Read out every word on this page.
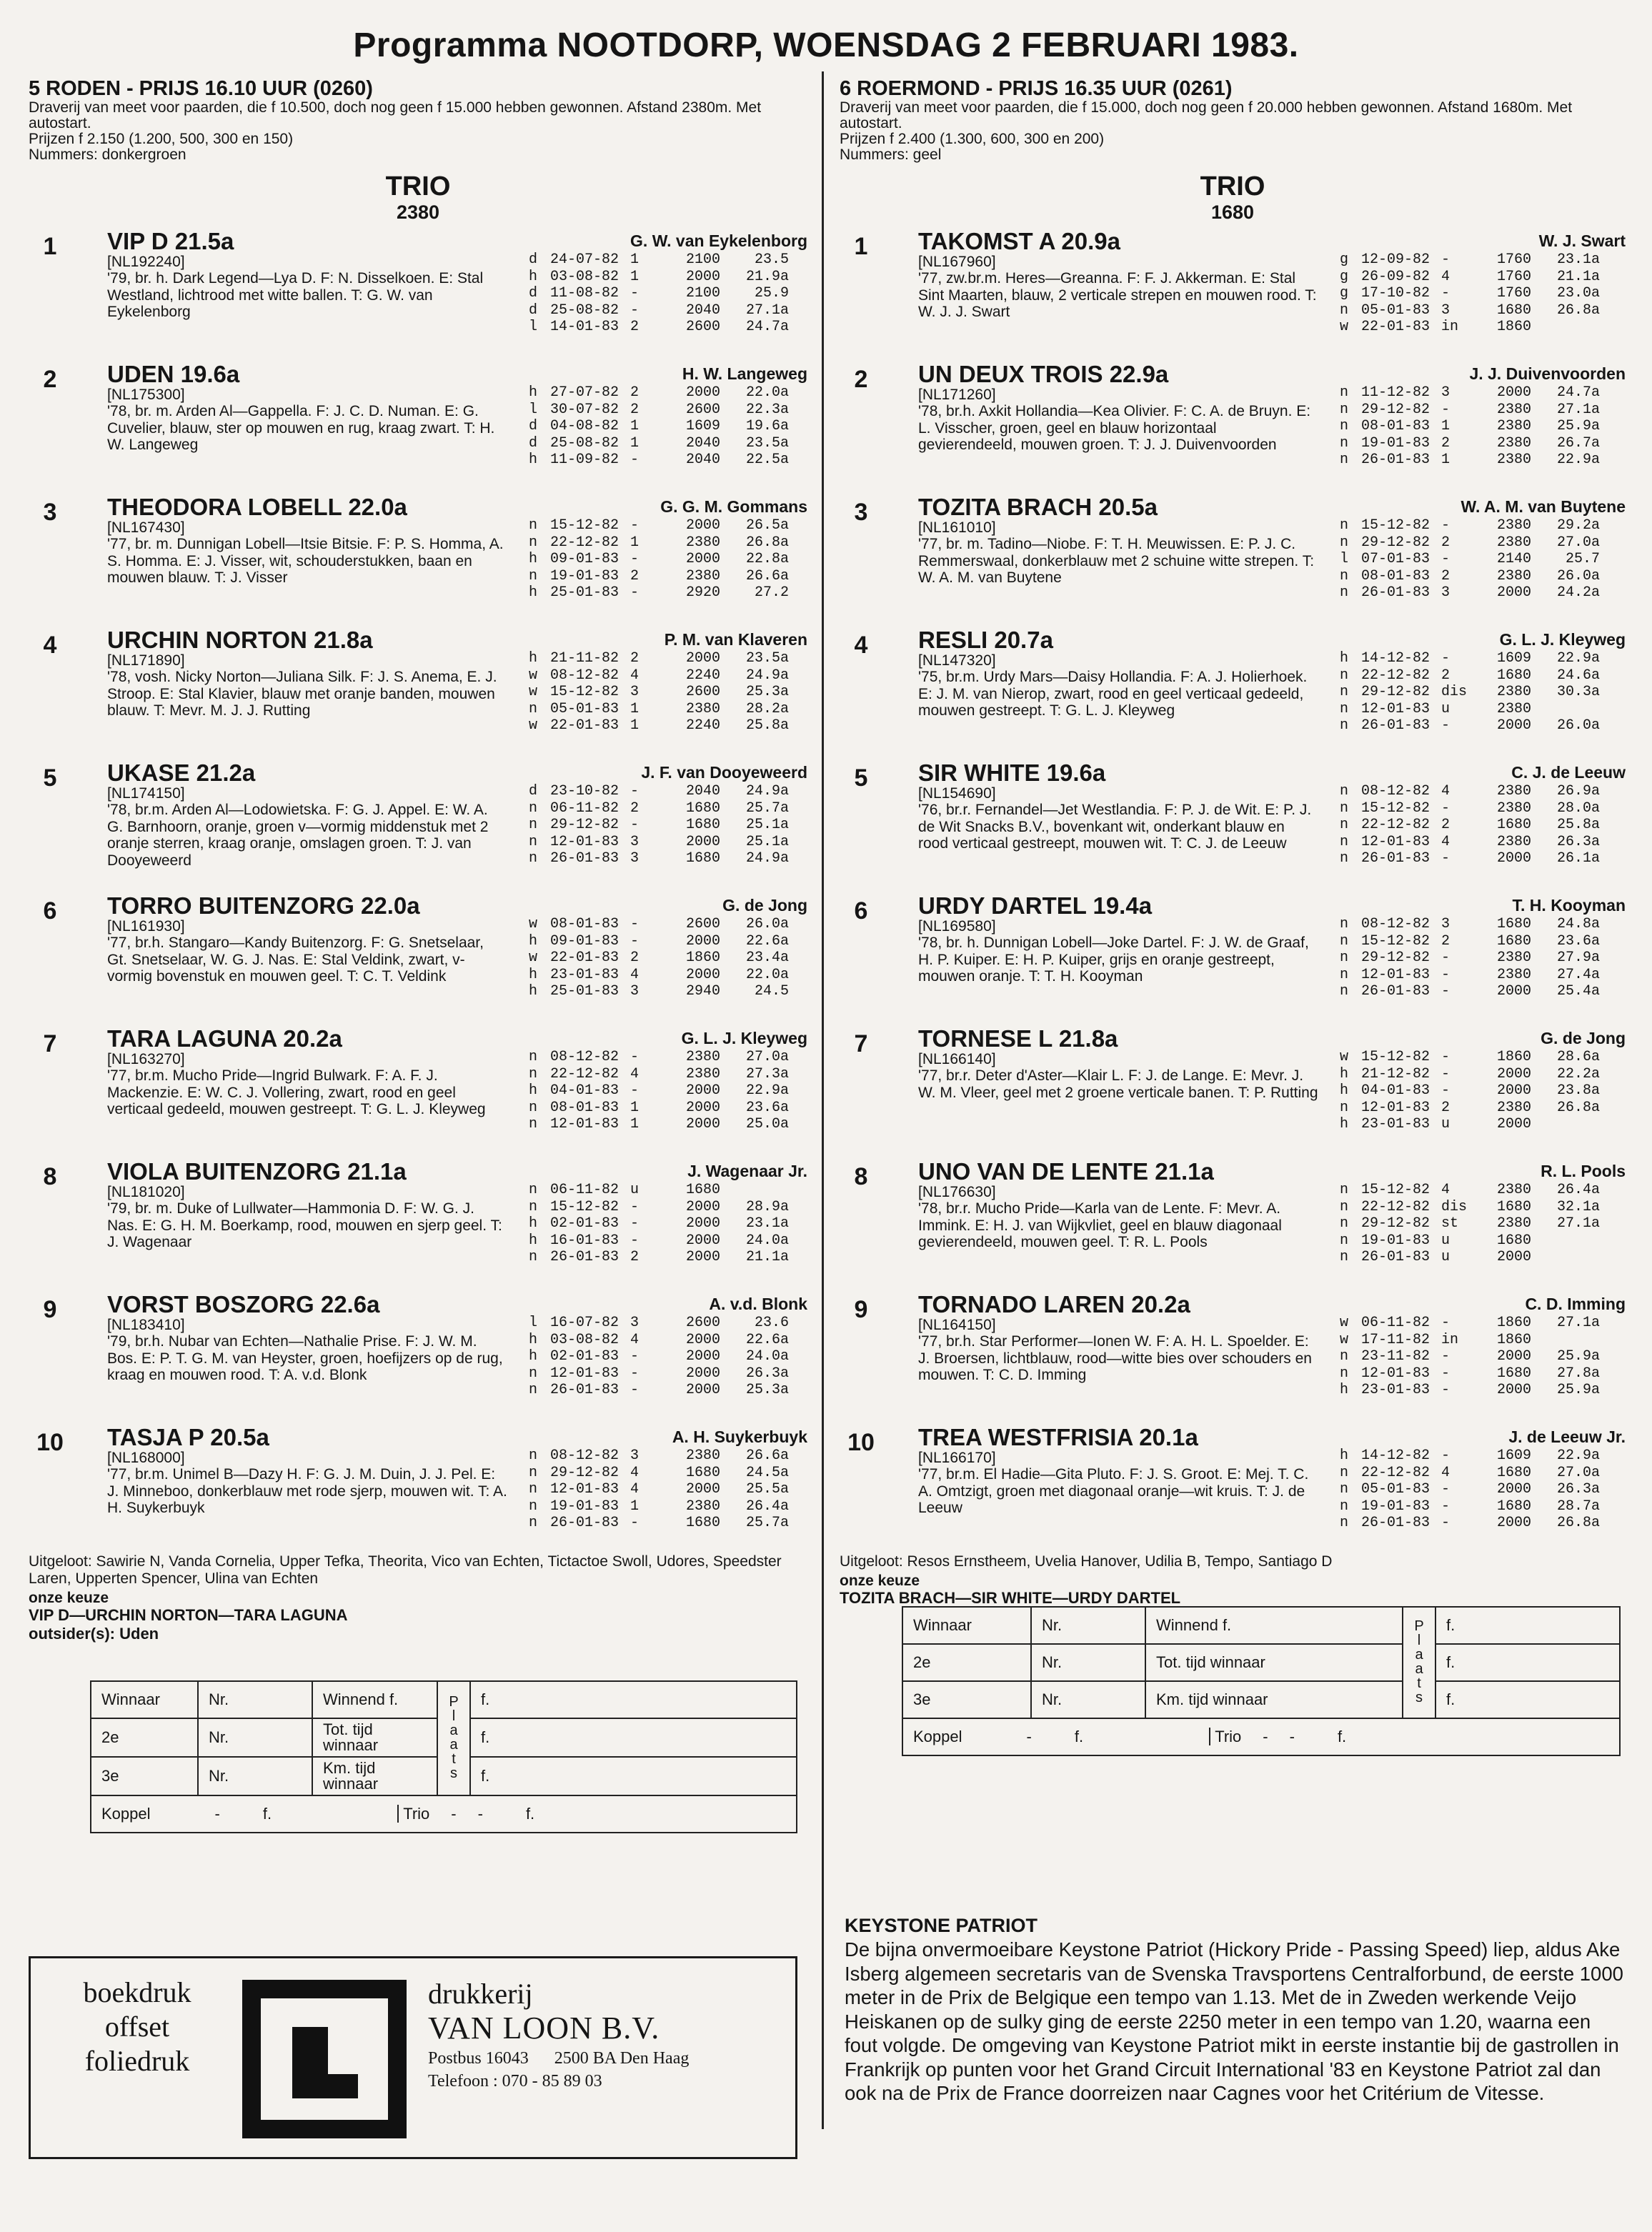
Programma NOOTDORP, WOENSDAG 2 FEBRUARI 1983.
5 RODEN - PRIJS 16.10 UUR (0260)
Draverij van meet voor paarden, die f 10.500, doch nog geen f 15.000 hebben gewonnen. Afstand 2380m. Met autostart.
Prijzen f 2.150 (1.200, 500, 300 en 150)
Nummers: donkergroen
TRIO
2380
1	VIP D 21.5a	G. W. van Eykelenborg
[NL192240]
'79, br. h. Dark Legend—Lya D. F: N. Disselkoen. E: Stal Westland, lichtrood met witte ballen. T: G. W. van Eykelenborg
d 24-07-82 1	2100	23.5
h 03-08-82 1	2000	21.9a
d 11-08-82 -	2100	25.9
d 25-08-82 -	2040	27.1a
l 14-01-83 2	2600	24.7a
2	UDEN 19.6a	H. W. Langeweg
[NL175300]
'78, br. m. Arden Al—Gappella. F: J. C. D. Numan. E: G. Cuvelier, blauw, ster op mouwen en rug, kraag zwart. T: H. W. Langeweg
h 27-07-82 2	2000	22.0a
l 30-07-82 2	2600	22.3a
d 04-08-82 1	1609	19.6a
d 25-08-82 1	2040	23.5a
h 11-09-82 -	2040	22.5a
3	THEODORA LOBELL 22.0a	G. G. M. Gommans
[NL167430]
'77, br. m. Dunnigan Lobell—Itsie Bitsie. F: P. S. Homma, A. S. Homma. E: J. Visser, wit, schouderstukken, baan en mouwen blauw. T: J. Visser
n 15-12-82 -	2000	26.5a
n 22-12-82 1	2380	26.8a
h 09-01-83 -	2000	22.8a
n 19-01-83 2	2380	26.6a
h 25-01-83 -	2920	27.2
4	URCHIN NORTON 21.8a	P. M. van Klaveren
[NL171890]
'78, vosh. Nicky Norton—Juliana Silk. F: J. S. Anema, E. J. Stroop. E: Stal Klavier, blauw met oranje banden, mouwen blauw. T: Mevr. M. J. J. Rutting
h 21-11-82 2	2000	23.5a
w 08-12-82 4	2240	24.9a
w 15-12-82 3	2600	25.3a
n 05-01-83 1	2380	28.2a
w 22-01-83 1	2240	25.8a
5	UKASE 21.2a	J. F. van Dooyeweerd
[NL174150]
'78, br.m. Arden Al—Lodowietska. F: G. J. Appel. E: W. A. G. Barnhoorn, oranje, groen v—vormig middenstuk met 2 oranje sterren, kraag oranje, omslagen groen. T: J. van Dooyeweerd
d 23-10-82 -	2040	24.9a
n 06-11-82 2	1680	25.7a
n 29-12-82 -	1680	25.1a
n 12-01-83 3	2000	25.1a
n 26-01-83 3	1680	24.9a
6	TORRO BUITENZORG 22.0a	G. de Jong
[NL161930]
'77, br.h. Stangaro—Kandy Buitenzorg. F: G. Snetselaar, Gt. Snetselaar, W. G. J. Nas. E: Stal Veldink, zwart, v-vormig bovenstuk en mouwen geel. T: C. T. Veldink
w 08-01-83 -	2600	26.0a
h 09-01-83 -	2000	22.6a
w 22-01-83 2	1860	23.4a
h 23-01-83 4	2000	22.0a
h 25-01-83 3	2940	24.5
7	TARA LAGUNA 20.2a	G. L. J. Kleyweg
[NL163270]
'77, br.m. Mucho Pride—Ingrid Bulwark. F: A. F. J. Mackenzie. E: W. C. J. Vollering, zwart, rood en geel verticaal gedeeld, mouwen gestreept. T: G. L. J. Kleyweg
n 08-12-82 -	2380	27.0a
n 22-12-82 4	2380	27.3a
h 04-01-83 -	2000	22.9a
n 08-01-83 1	2000	23.6a
n 12-01-83 1	2000	25.0a
8	VIOLA BUITENZORG 21.1a	J. Wagenaar Jr.
[NL181020]
'79, br. m. Duke of Lullwater—Hammonia D. F: W. G. J. Nas. E: G. H. M. Boerkamp, rood, mouwen en sjerp geel. T: J. Wagenaar
n 06-11-82 u	1680
n 15-12-82 -	2000	28.9a
h 02-01-83 -	2000	23.1a
h 16-01-83 -	2000	24.0a
n 26-01-83 2	2000	21.1a
9	VORST BOSZORG 22.6a	A. v.d. Blonk
[NL183410]
'79, br.h. Nubar van Echten—Nathalie Prise. F: J. W. M. Bos. E: P. T. G. M. van Heyster, groen, hoefijzers op de rug, kraag en mouwen rood. T: A. v.d. Blonk
l 16-07-82 3	2600	23.6
h 03-08-82 4	2000	22.6a
h 02-01-83 -	2000	24.0a
n 12-01-83 -	2000	26.3a
n 26-01-83 -	2000	25.3a
10	TASJA P 20.5a	A. H. Suykerbuyk
[NL168000]
'77, br.m. Unimel B—Dazy H. F: G. J. M. Duin, J. J. Pel. E: J. Minneboo, donkerblauw met rode sjerp, mouwen wit. T: A. H. Suykerbuyk
n 08-12-82 3	2380	26.6a
n 29-12-82 4	1680	24.5a
n 12-01-83 4	2000	25.5a
n 19-01-83 1	2380	26.4a
n 26-01-83 -	1680	25.7a
Uitgeloot: Sawirie N, Vanda Cornelia, Upper Tefka, Theorita, Vico van Echten, Tictactoe Swoll, Udores, Speedster Laren, Upperten Spencer, Ulina van Echten
onze keuze
VIP D—URCHIN NORTON—TARA LAGUNA
outsider(s): Uden
6 ROERMOND - PRIJS 16.35 UUR (0261)
Draverij van meet voor paarden, die f 15.000, doch nog geen f 20.000 hebben gewonnen. Afstand 1680m. Met autostart.
Prijzen f 2.400 (1.300, 600, 300 en 200)
Nummers: geel
TRIO
1680
1	TAKOMST A 20.9a	W. J. Swart
[NL167960]
'77, zw.br.m. Heres—Greanna. F: F. J. Akkerman. E: Stal Sint Maarten, blauw, 2 verticale strepen en mouwen rood. T: W. J. J. Swart
g 12-09-82 -	1760	23.1a
g 26-09-82 4	1760	21.1a
g 17-10-82 -	1760	23.0a
n 05-01-83 3	1680	26.8a
w 22-01-83 in	1860
2	UN DEUX TROIS 22.9a	J. J. Duivenvoorden
[NL171260]
'78, br.h. Axkit Hollandia—Kea Olivier. F: C. A. de Bruyn. E: L. Visscher, groen, geel en blauw horizontaal gevierendeeld, mouwen groen. T: J. J. Duivenvoorden
n 11-12-82 3	2000	24.7a
n 29-12-82 -	2380	27.1a
n 08-01-83 1	2380	25.9a
n 19-01-83 2	2380	26.7a
n 26-01-83 1	2380	22.9a
3	TOZITA BRACH 20.5a	W. A. M. van Buytene
[NL161010]
'77, br. m. Tadino—Niobe. F: T. H. Meuwissen. E: P. J. C. Remmerswaal, donkerblauw met 2 schuine witte strepen. T: W. A. M. van Buytene
n 15-12-82 -	2380	29.2a
n 29-12-82 2	2380	27.0a
l 07-01-83 -	2140	25.7
n 08-01-83 2	2380	26.0a
n 26-01-83 3	2000	24.2a
4	RESLI 20.7a	G. L. J. Kleyweg
[NL147320]
'75, br.m. Urdy Mars—Daisy Hollandia. F: A. J. Holierhoek. E: J. M. van Nierop, zwart, rood en geel verticaal gedeeld, mouwen gestreept. T: G. L. J. Kleyweg
h 14-12-82 -	1609	22.9a
n 22-12-82 2	1680	24.6a
n 29-12-82 dis	2380	30.3a
n 12-01-83 u	2380
n 26-01-83 -	2000	26.0a
5	SIR WHITE 19.6a	C. J. de Leeuw
[NL154690]
'76, br.r. Fernandel—Jet Westlandia. F: P. J. de Wit. E: P. J. de Wit Snacks B.V., bovenkant wit, onderkant blauw en rood verticaal gestreept, mouwen wit. T: C. J. de Leeuw
n 08-12-82 4	2380	26.9a
n 15-12-82 -	2380	28.0a
n 22-12-82 2	1680	25.8a
n 12-01-83 4	2380	26.3a
n 26-01-83 -	2000	26.1a
6	URDY DARTEL 19.4a	T. H. Kooyman
[NL169580]
'78, br. h. Dunnigan Lobell—Joke Dartel. F: J. W. de Graaf, H. P. Kuiper. E: H. P. Kuiper, grijs en oranje gestreept, mouwen oranje. T: T. H. Kooyman
n 08-12-82 3	1680	24.8a
n 15-12-82 2	1680	23.6a
n 29-12-82 -	2380	27.9a
n 12-01-83 -	2380	27.4a
n 26-01-83 -	2000	25.4a
7	TORNESE L 21.8a	G. de Jong
[NL166140]
'77, br.r. Deter d'Aster—Klair L. F: J. de Lange. E: Mevr. J. W. M. Vleer, geel met 2 groene verticale banen. T: P. Rutting
w 15-12-82 -	1860	28.6a
h 21-12-82 -	2000	22.2a
h 04-01-83 -	2000	23.8a
n 12-01-83 2	2380	26.8a
h 23-01-83 u	2000
8	UNO VAN DE LENTE 21.1a	R. L. Pools
[NL176630]
'78, br.r. Mucho Pride—Karla van de Lente. F: Mevr. A. Immink. E: H. J. van Wijkvliet, geel en blauw diagonaal gevierendeeld, mouwen geel. T: R. L. Pools
n 15-12-82 4	2380	26.4a
n 22-12-82 dis	1680	32.1a
n 29-12-82 st	2380	27.1a
n 19-01-83 u	1680
n 26-01-83 u	2000
9	TORNADO LAREN 20.2a	C. D. Imming
[NL164150]
'77, br.h. Star Performer—Ionen W. F: A. H. L. Spoelder. E: J. Broersen, lichtblauw, rood—witte bies over schouders en mouwen. T: C. D. Imming
w 06-11-82 -	1860	27.1a
w 17-11-82 in	1860
n 23-11-82 -	2000	25.9a
n 12-01-83 -	1680	27.8a
h 23-01-83 -	2000	25.9a
10	TREA WESTFRISIA 20.1a	J. de Leeuw Jr.
[NL166170]
'77, br.m. El Hadie—Gita Pluto. F: J. S. Groot. E: Mej. T. C. A. Omtzigt, groen met diagonaal oranje—wit kruis. T: J. de Leeuw
h 14-12-82 -	1609	22.9a
n 22-12-82 4	1680	27.0a
n 05-01-83 -	2000	26.3a
n 19-01-83 -	1680	28.7a
n 26-01-83 -	2000	26.8a
Uitgeloot: Resos Ernstheem, Uvelia Hanover, Udilia B, Tempo, Santiago D
onze keuze
TOZITA BRACH—SIR WHITE—URDY DARTEL
Winnaar	Nr.	Winnend f.	Plaats	f.
2e	Nr.	Tot. tijd winnaar		f.
3e	Nr.	Km. tijd winnaar		f.
Koppel - f. Trio - - f.				
Winnaar	Nr.	Winnend f.	Plaats	f.
2e	Nr.	Tot. tijd winnaar		f.
3e	Nr.	Km. tijd winnaar		f.
Koppel - f. Trio - - f.				
KEYSTONE PATRIOT

De bijna onvermoeibare Keystone Patriot (Hickory Pride - Passing Speed) liep, aldus Ake Isberg algemeen secretaris van de Svenska Travsportens Centralforbund, de eerste 1000 meter in de Prix de Belgique een tempo van 1.13. Met de in Zweden werkende Veijo Heiskanen op de sulky ging de eerste 2250 meter in een tempo van 1.20, waarna een fout volgde. De omgeving van Keystone Patriot mikt in eerste instantie bij de gastrollen in Frankrijk op punten voor het Grand Circuit International '83 en Keystone Patriot zal dan ook na de Prix de France doorreizen naar Cagnes voor het Critérium de Vitesse.

boekdruk
offset
foliedruk
drukkerij
VAN LOON B.V.
Postbus 16043 2500 BA Den Haag
Telefoon : 070 - 85 89 03
